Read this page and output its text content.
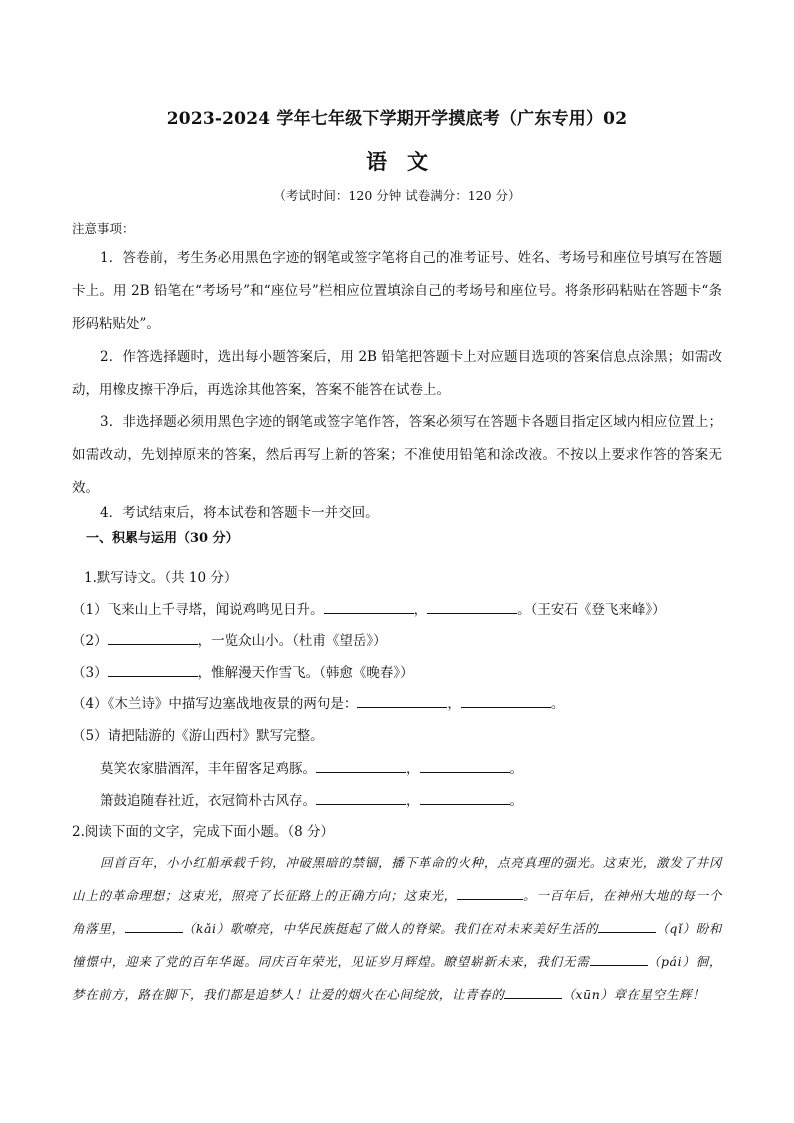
2023-2024 学年七年级下学期开学摸底考（广东专用）02
语文
（考试时间：120 分钟 试卷满分：120 分）
注意事项：
1．答卷前，考生务必用黑色字迹的钢笔或签字笔将自己的准考证号、姓名、考场号和座位号填写在答题卡上。用 2B 铅笔在“考场号”和“座位号”栏相应位置填涂自己的考场号和座位号。将条形码粘贴在答题卡“条形码粘贴处”。
2．作答选择题时，选出每小题答案后，用 2B 铅笔把答题卡上对应题目选项的答案信息点涂黑；如需改动，用橡皮擦干净后，再选涂其他答案，答案不能答在试卷上。
3．非选择题必须用黑色字迹的钢笔或签字笔作答，答案必须写在答题卡各题目指定区域内相应位置上；如需改动，先划掉原来的答案，然后再写上新的答案；不准使用铅笔和涂改液。不按以上要求作答的答案无效。
4．考试结束后，将本试卷和答题卡一并交回。
一、积累与运用（30 分）
1.默写诗文。（共 10 分）
（1）飞来山上千寻塔，闻说鸡鸣见日升。	，	。（王安石《登飞来峰》）
（2）	，一览众山小。（杜甫《望岳》）
（3）	，惟解漫天作雪飞。（韩愈《晚春》）
（4）《木兰诗》中描写边塞战地夜景的两句是：	，	。
（5）请把陆游的《游山西村》默写完整。
莫笑农家腊酒浑，丰年留客足鸡豚。	，	。
箫鼓追随春社近，衣冠简朴古风存。	，	。
2.阅读下面的文字，完成下面小题。（8 分）
回首百年，小小红船承载千钧，冲破黑暗的禁锢，播下革命的火种，点亮真理的强光。这束光，激发了井冈山上的革命理想；这束光，照亮了长征路上的正确方向；这束光，	。一百年后，在神州大地的每一个角落里，	（kǎi）歌嘹亮，中华民族挺起了做人的脊梁。我们在对未来美好生活的	（qǐ）盼和憧憬中，迎来了党的百年华诞。同庆百年荣光，见证岁月辉煌。瞭望崭新未来，我们无需	（pái）徊，梦在前方，路在脚下，我们都是追梦人！让爱的烟火在心间绽放，让青春的	（xūn）章在星空生辉！
